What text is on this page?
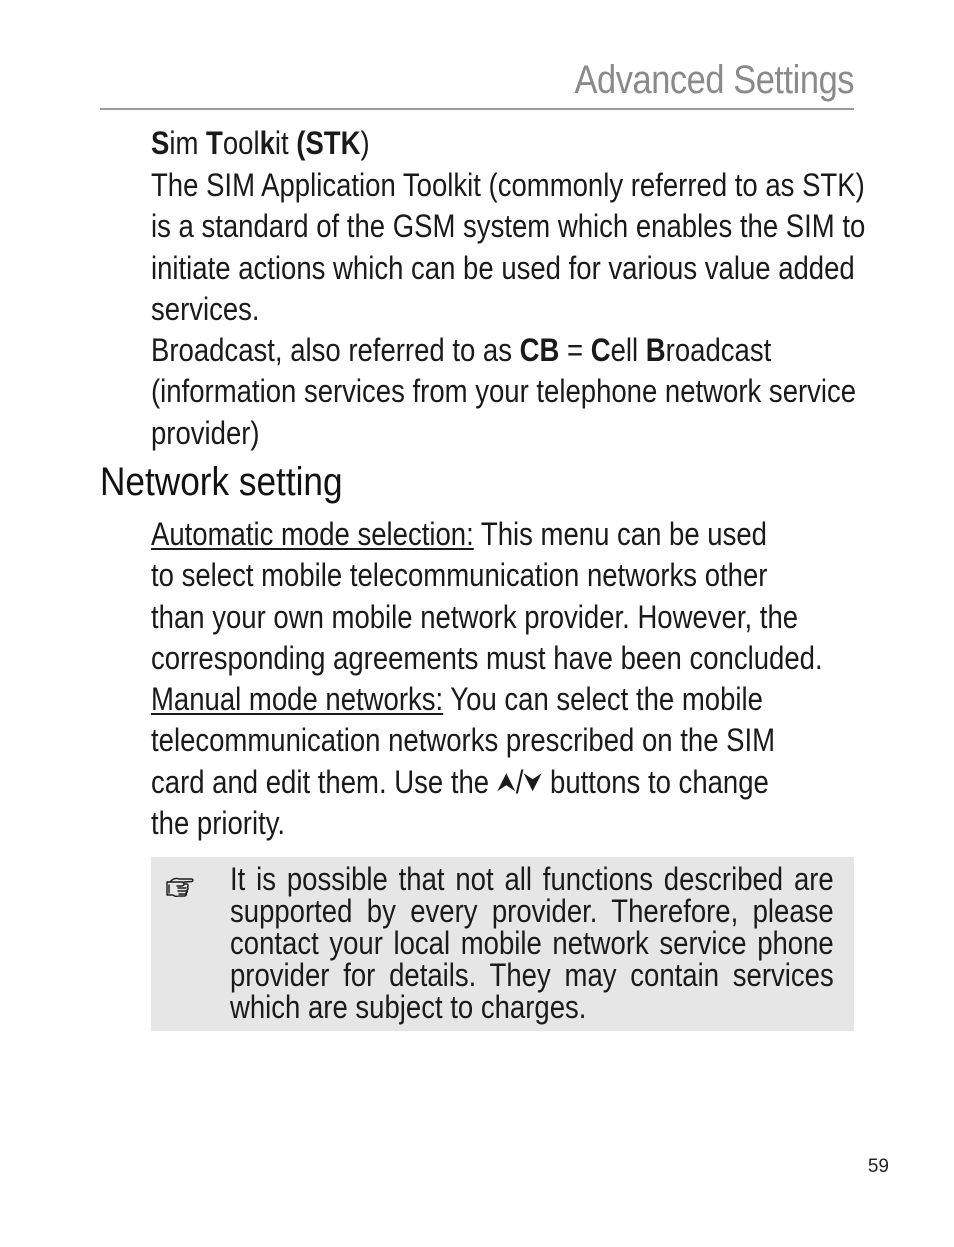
Advanced Settings
Sim Toolkit (STK)
The SIM Application Toolkit (commonly referred to as STK)
is a standard of the GSM system which enables the SIM to
initiate actions which can be used for various value added
services.
Broadcast, also referred to as CB = Cell Broadcast
(information services from your telephone network service
provider)
Network setting
Automatic mode selection: This menu can be used
to select mobile telecommunication networks other
than your own mobile network provider. However, the
corresponding agreements must have been concluded.
Manual mode networks: You can select the mobile
telecommunication networks prescribed on the SIM
card and edit them. Use the ⮝/⮟ buttons to change
the priority.
It is possible that not all functions described are
supported by every provider. Therefore, please
contact your local mobile network service phone
provider for details. They may contain services
which are subject to charges.
59
